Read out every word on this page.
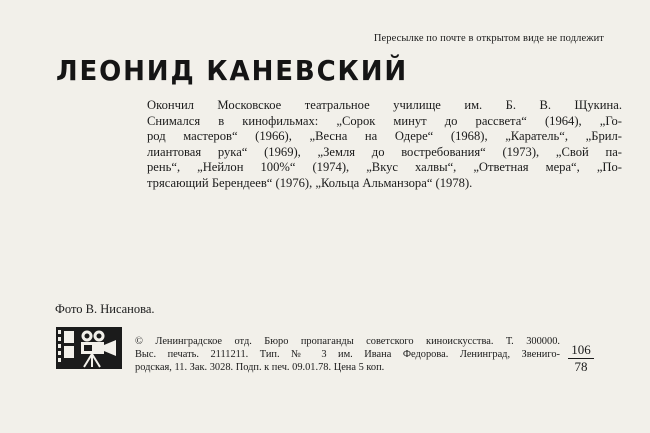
Пересылке по почте в открытом виде не подлежит
ЛЕОНИД КАНЕВСКИЙ
Окончил Московское театральное училище им. Б. В. Щукина.
Снимался в кинофильмах: „Сорок минут до рассвета“ (1964), „Го-
род мастеров“ (1966), „Весна на Одере“ (1968), „Каратель“, „Брил-
лиантовая рука“ (1969), „Земля до востребования“ (1973), „Свой па-
рень“, „Нейлон 100%“ (1974), „Вкус халвы“, „Ответная мера“, „По-
трясающий Берендеев“ (1976), „Кольца Альманзора“ (1978).
Фото В. Нисанова.
© Ленинградское отд. Бюро пропаганды советского киноискусства. Т. 300000.
Выс. печать. 2111211. Тип. № 3 им. Ивана Федорова. Ленинград, Звениго-
родская, 11. Зак. 3028. Подп. к печ. 09.01.78. Цена 5 коп.	$\frac{106}{78}$
